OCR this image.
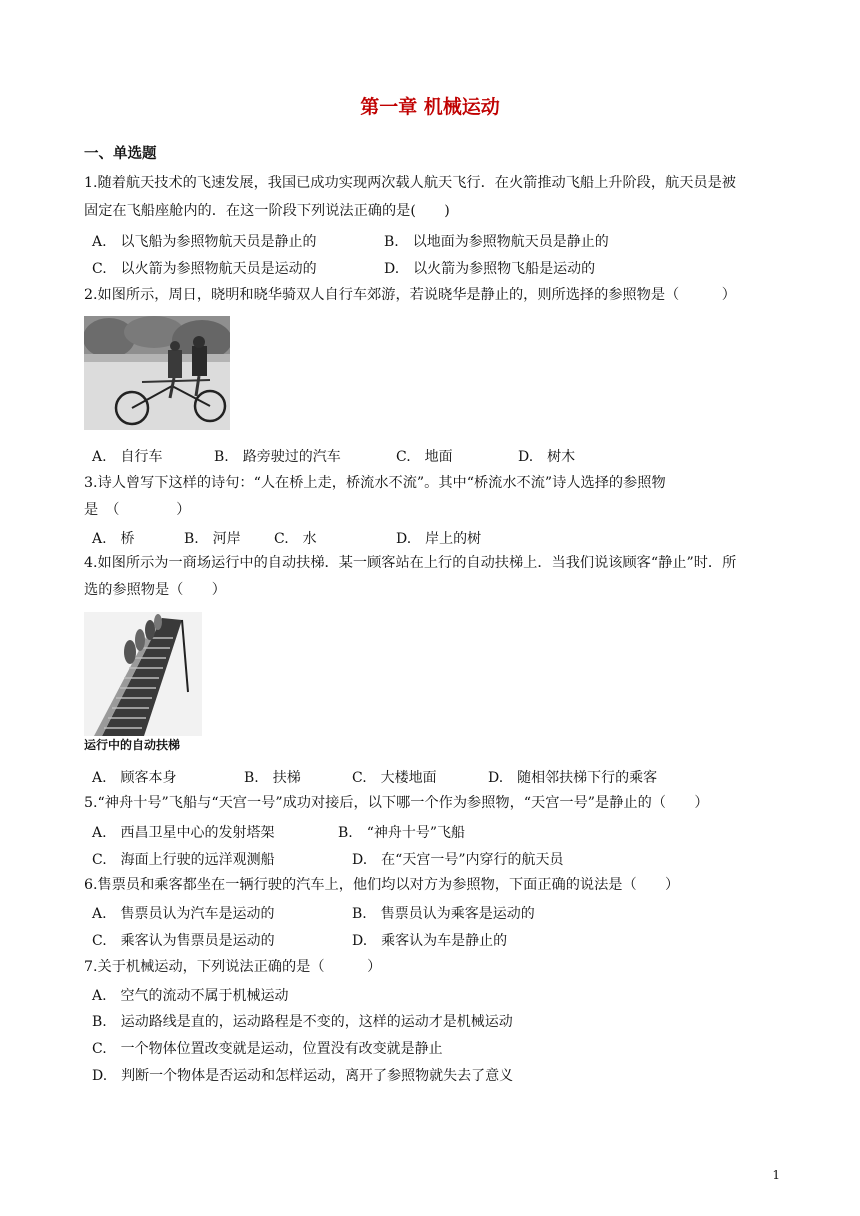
第一章 机械运动
一、单选题
1.随着航天技术的飞速发展，我国已成功实现两次载人航天飞行．在火箭推动飞船上升阶段，航天员是被
固定在飞船座舱内的．在这一阶段下列说法正确的是(　　)
A.　以飞船为参照物航天员是静止的	B.　以地面为参照物航天员是静止的
C.　以火箭为参照物航天员是运动的	D.　以火箭为参照物飞船是运动的
2.如图所示，周日，晓明和晓华骑双人自行车郊游，若说晓华是静止的，则所选择的参照物是（　　　）
A.　自行车	B.　路旁驶过的汽车	C.　地面	D.　树木
3.诗人曾写下这样的诗句：“人在桥上走，桥流水不流”。其中“桥流水不流”诗人选择的参照物
是　（　　　　）
A.　桥	B.　河岸 C.　水	D.　岸上的树
4.如图所示为一商场运行中的自动扶梯．某一顾客站在上行的自动扶梯上．当我们说该顾客“静止”时．所
选的参照物是（　　）
运行中的自动扶梯
A.　顾客本身	B.　扶梯	C.　大楼地面	D.　随相邻扶梯下行的乘客
5.“神舟十号”飞船与“天宫一号”成功对接后，以下哪一个作为参照物，“天宫一号”是静止的（　　）
A.　西昌卫星中心的发射塔架	B.　“神舟十号”飞船
C.　海面上行驶的远洋观测船	D.　在“天宫一号”内穿行的航天员
6.售票员和乘客都坐在一辆行驶的汽车上，他们均以对方为参照物，下面正确的说法是（　　）
A.　售票员认为汽车是运动的	B.　售票员认为乘客是运动的
C.　乘客认为售票员是运动的	D.　乘客认为车是静止的
7.关于机械运动，下列说法正确的是（　　　）
A.　空气的流动不属于机械运动
B.　运动路线是直的，运动路程是不变的，这样的运动才是机械运动
C.　一个物体位置改变就是运动，位置没有改变就是静止
D.　判断一个物体是否运动和怎样运动，离开了参照物就失去了意义
1
